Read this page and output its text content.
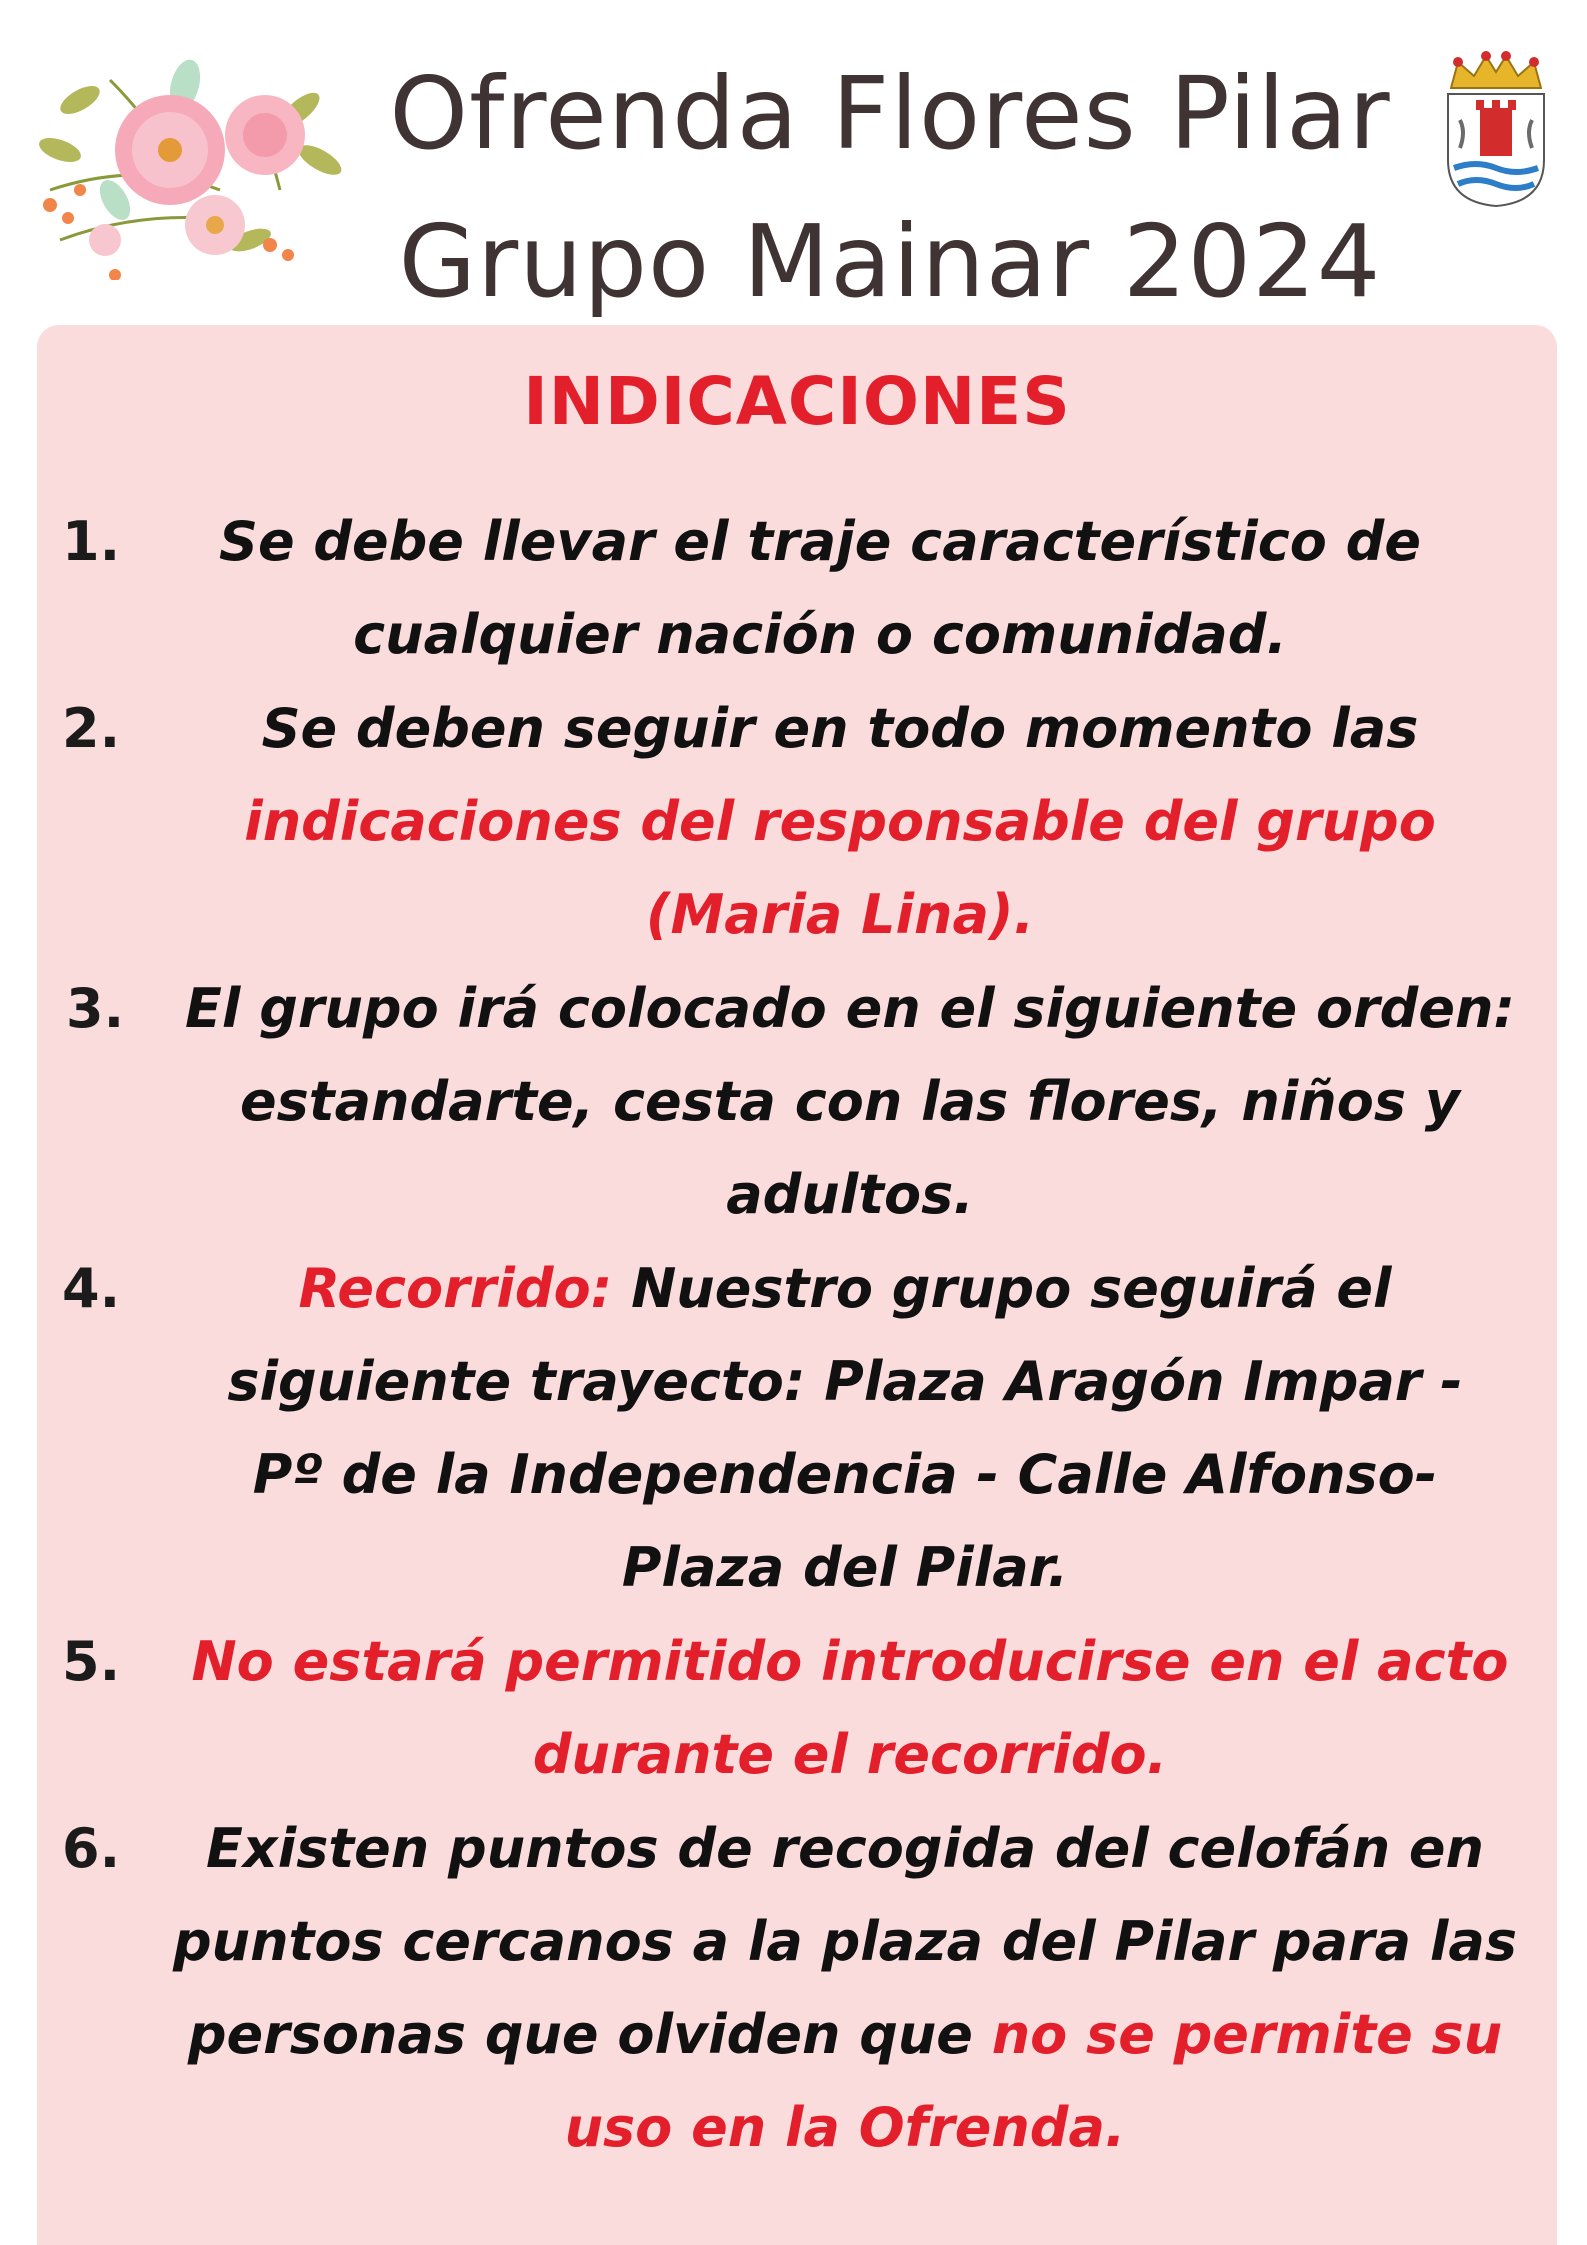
Ofrenda Flores Pilar
Grupo Mainar 2024
INDICACIONES
1.	Se debe llevar el traje característico de
cualquier nación o comunidad.
2.	Se deben seguir en todo momento las
indicaciones del responsable del grupo
(Maria Lina).
3.	El grupo irá colocado en el siguiente orden:
estandarte, cesta con las flores, niños y
adultos.
4.	Recorrido: Nuestro grupo seguirá el
siguiente trayecto: Plaza Aragón Impar -
Pº de la Independencia - Calle Alfonso-
Plaza del Pilar.
5.	No estará permitido introducirse en el acto
durante el recorrido.
6.	Existen puntos de recogida del celofán en
puntos cercanos a la plaza del Pilar para las
personas que olviden que no se permite su
uso en la Ofrenda.
